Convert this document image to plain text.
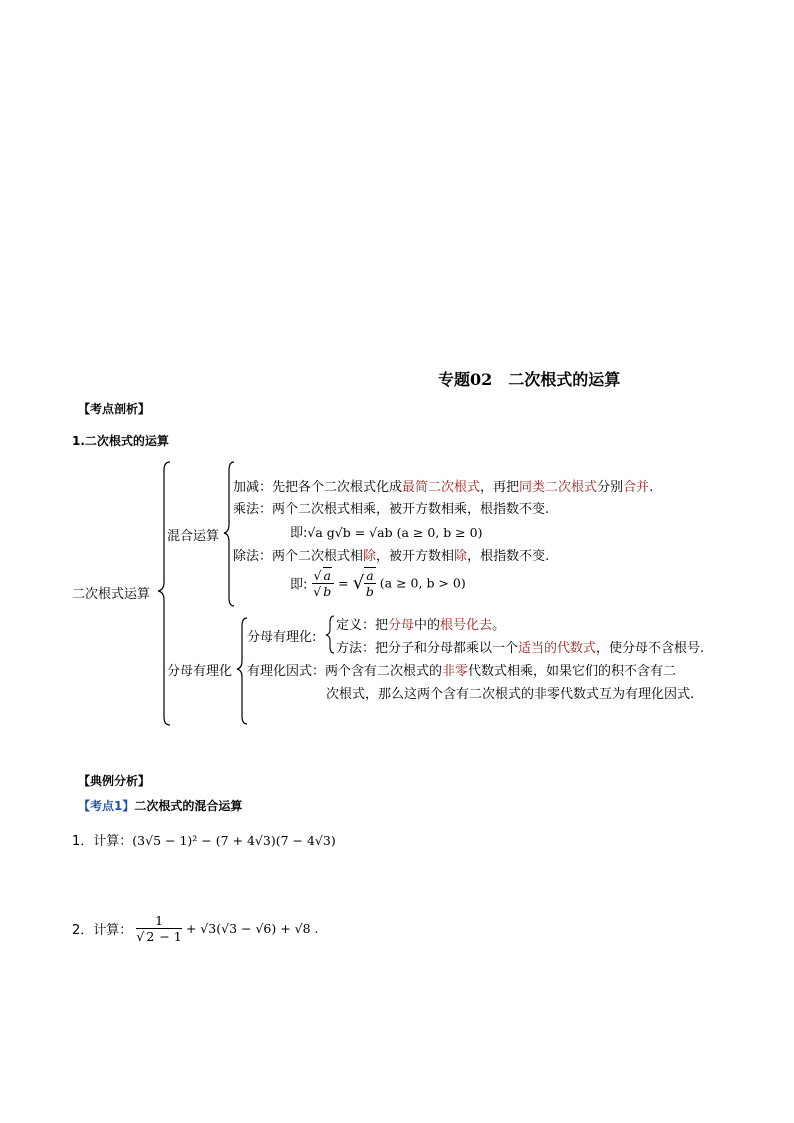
专题02　二次根式的运算
【考点剖析】
1.二次根式的运算
二次根式运算
混合运算
分母有理化
加减：先把各个二次根式化成最简二次根式，再把同类二次根式分别合并.
乘法：两个二次根式相乘，被开方数相乘，根指数不变.
即:√a g√b = √ab (a ≥ 0, b ≥ 0)
除法：两个二次根式相除，被开方数相除，根指数不变.
即: $\frac{√ a}{√ b}$ = √ $\frac{a}{b} (a \ge 0$, b > 0)
分母有理化:
定义：把分母中的根号化去。
方法：把分子和分母都乘以一个适当的代数式，使分母不含根号.
有理化因式：两个含有二次根式的非零代数式相乘，如果它们的积不含有二
次根式，那么这两个含有二次根式的非零代数式互为有理化因式.
【典例分析】
【考点1】二次根式的混合运算
1．计算：(3√5 − 1)² − (7 + 4√3)(7 − 4√3)
2．计算： $\frac{1}{√ 2 - 1} + √3(√3 - √6) + √8$ .
